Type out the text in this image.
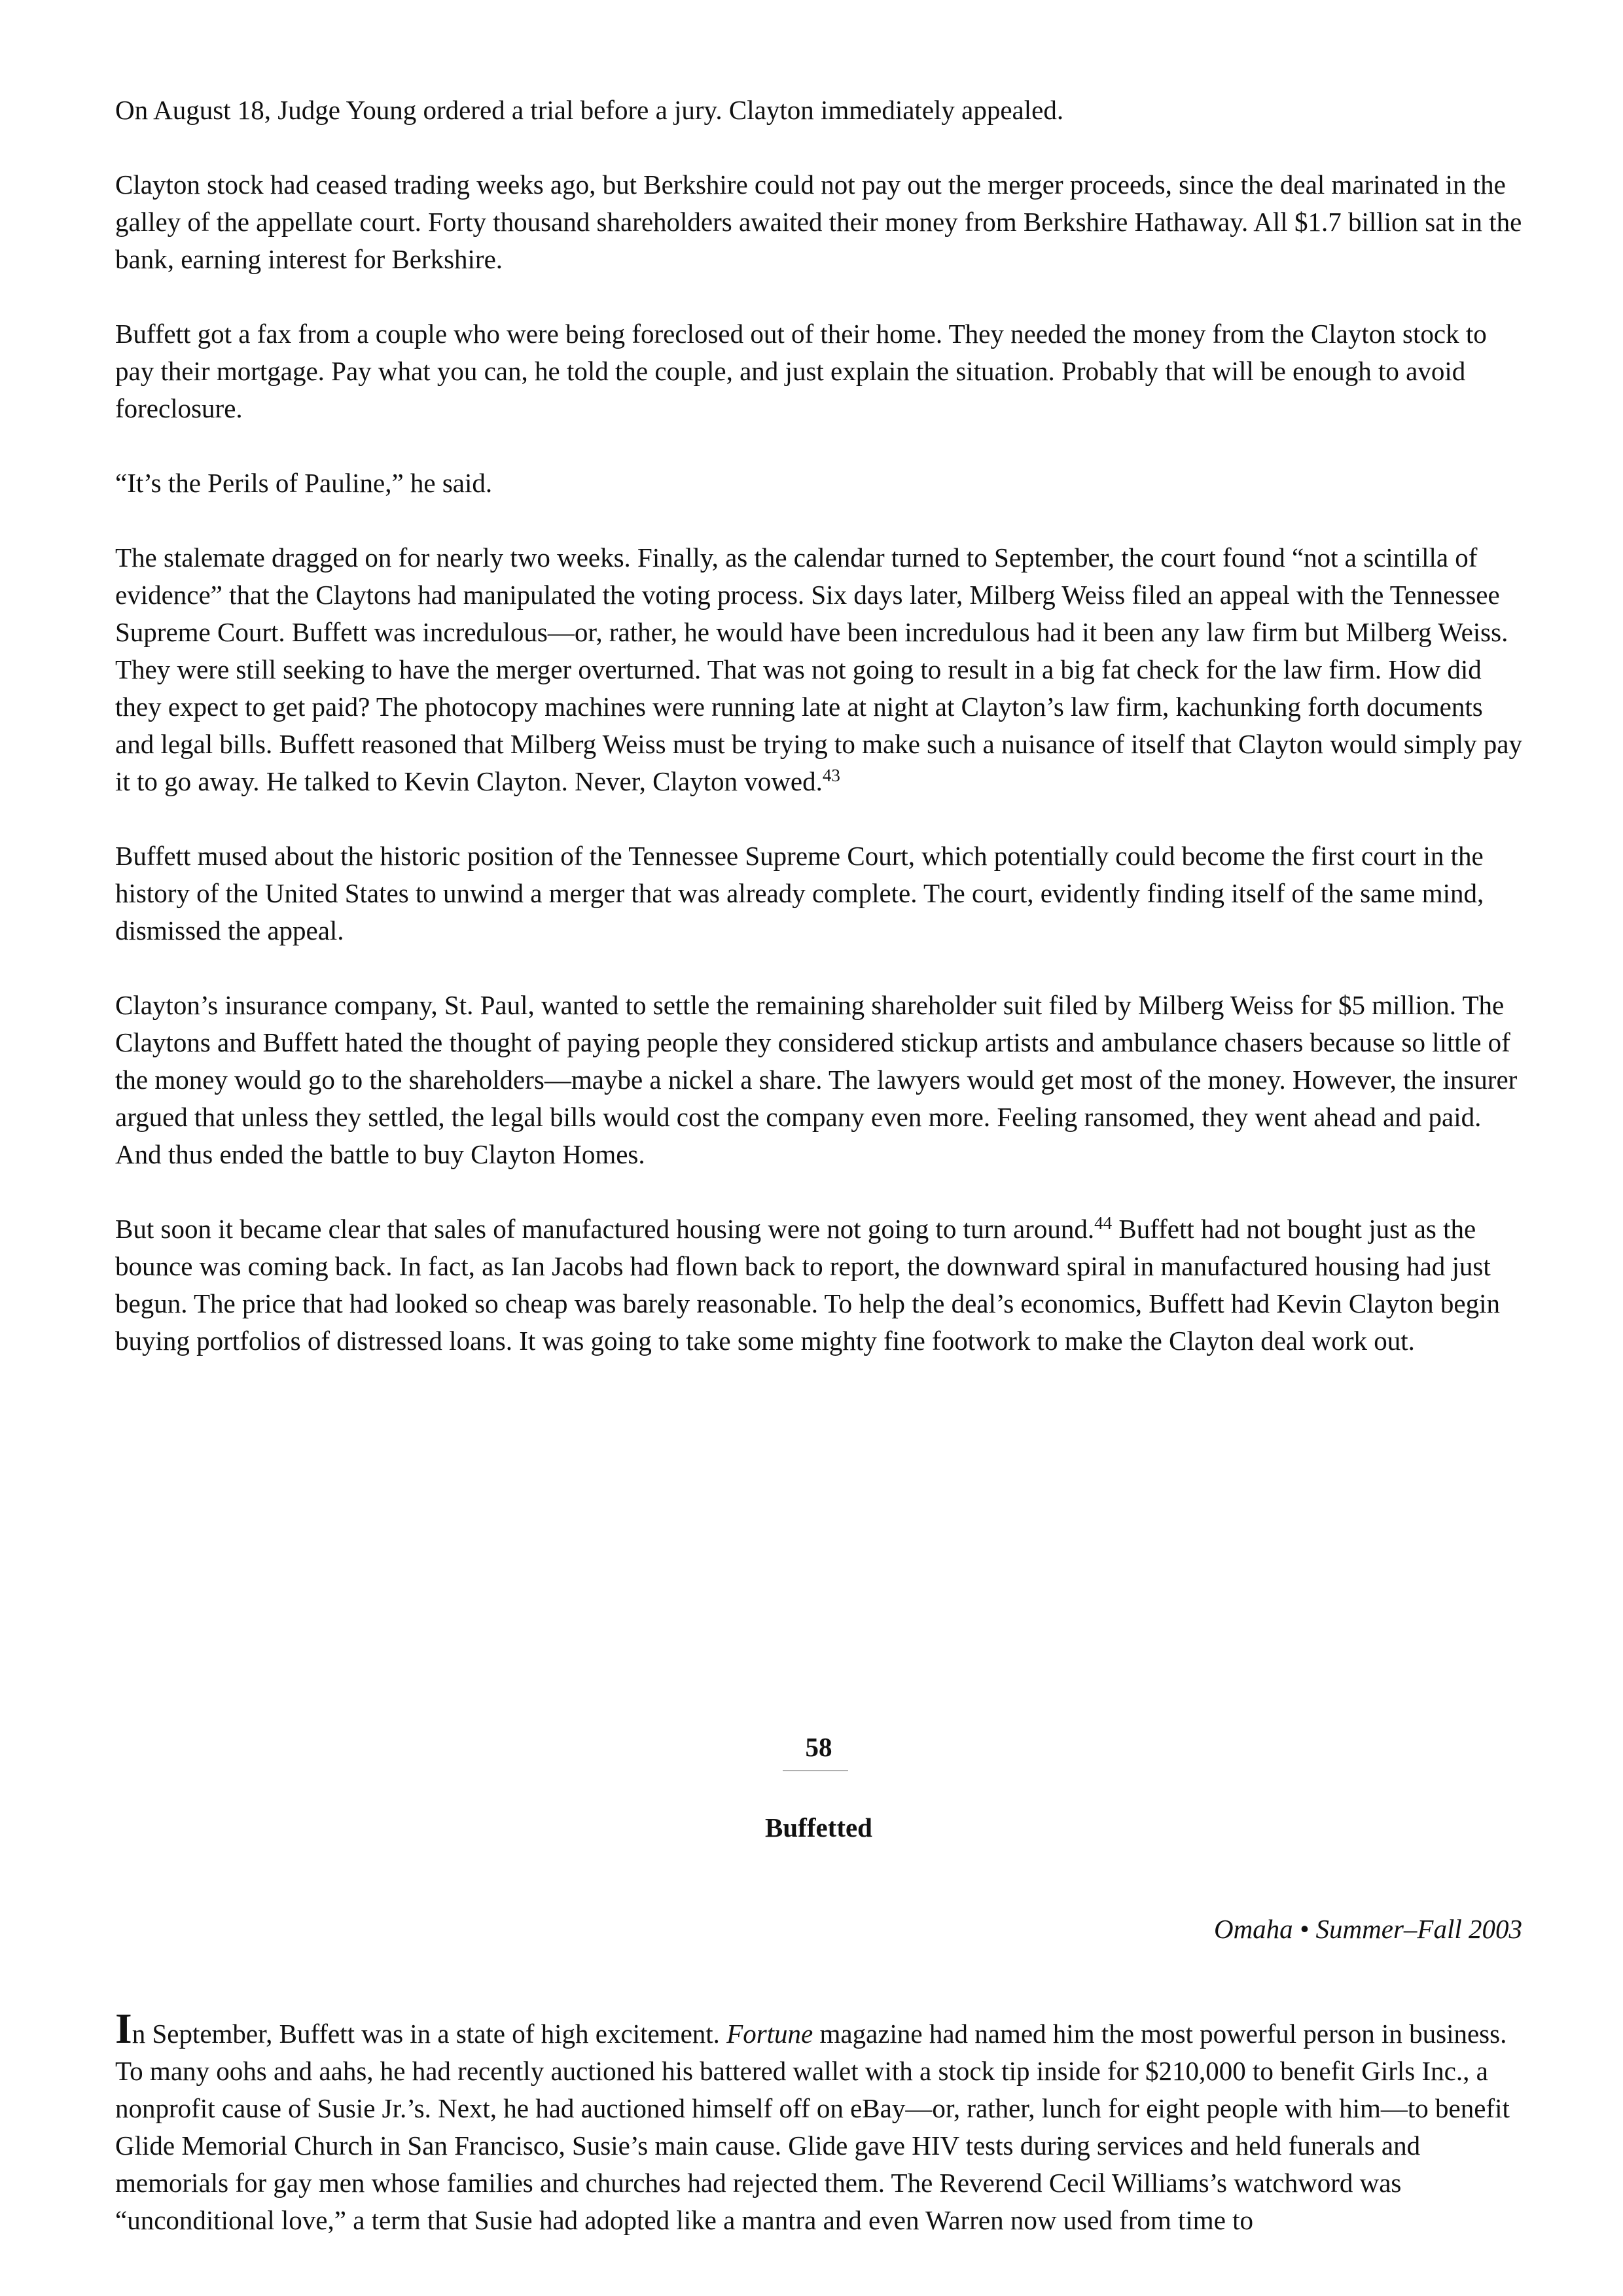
On August 18, Judge Young ordered a trial before a jury. Clayton immediately appealed.

Clayton stock had ceased trading weeks ago, but Berkshire could not pay out the merger proceeds, since the deal marinated in the galley of the appellate court. Forty thousand shareholders awaited their money from Berkshire Hathaway. All $1.7 billion sat in the bank, earning interest for Berkshire.

Buffett got a fax from a couple who were being foreclosed out of their home. They needed the money from the Clayton stock to pay their mortgage. Pay what you can, he told the couple, and just explain the situation. Probably that will be enough to avoid foreclosure.

“It’s the Perils of Pauline,” he said.

The stalemate dragged on for nearly two weeks. Finally, as the calendar turned to September, the court found “not a scintilla of evidence” that the Claytons had manipulated the voting process. Six days later, Milberg Weiss filed an appeal with the Tennessee Supreme Court. Buffett was incredulous—or, rather, he would have been incredulous had it been any law firm but Milberg Weiss. They were still seeking to have the merger overturned. That was not going to result in a big fat check for the law firm. How did they expect to get paid? The photocopy machines were running late at night at Clayton’s law firm, kachunking forth documents and legal bills. Buffett reasoned that Milberg Weiss must be trying to make such a nuisance of itself that Clayton would simply pay it to go away. He talked to Kevin Clayton. Never, Clayton vowed.$^{43}$

Buffett mused about the historic position of the Tennessee Supreme Court, which potentially could become the first court in the history of the United States to unwind a merger that was already complete. The court, evidently finding itself of the same mind, dismissed the appeal.

Clayton’s insurance company, St. Paul, wanted to settle the remaining shareholder suit filed by Milberg Weiss for $5 million. The Claytons and Buffett hated the thought of paying people they considered stickup artists and ambulance chasers because so little of the money would go to the shareholders—maybe a nickel a share. The lawyers would get most of the money. However, the insurer argued that unless they settled, the legal bills would cost the company even more. Feeling ransomed, they went ahead and paid. And thus ended the battle to buy Clayton Homes.

But soon it became clear that sales of manufactured housing were not going to turn around.$^{44}$ Buffett had not bought just as the bounce was coming back. In fact, as Ian Jacobs had flown back to report, the downward spiral in manufactured housing had just begun. The price that had looked so cheap was barely reasonable. To help the deal’s economics, Buffett had Kevin Clayton begin buying portfolios of distressed loans. It was going to take some mighty fine footwork to make the Clayton deal work out.

58
Buffetted
Omaha • Summer–Fall 2003

In September, Buffett was in a state of high excitement. Fortune magazine had named him the most powerful person in business. To many oohs and aahs, he had recently auctioned his battered wallet with a stock tip inside for $210,000 to benefit Girls Inc., a nonprofit cause of Susie Jr.’s. Next, he had auctioned himself off on eBay—or, rather, lunch for eight people with him—to benefit Glide Memorial Church in San Francisco, Susie’s main cause. Glide gave HIV tests during services and held funerals and memorials for gay men whose families and churches had rejected them. The Reverend Cecil Williams’s watchword was “unconditional love,” a term that Susie had adopted like a mantra and even Warren now used from time to
